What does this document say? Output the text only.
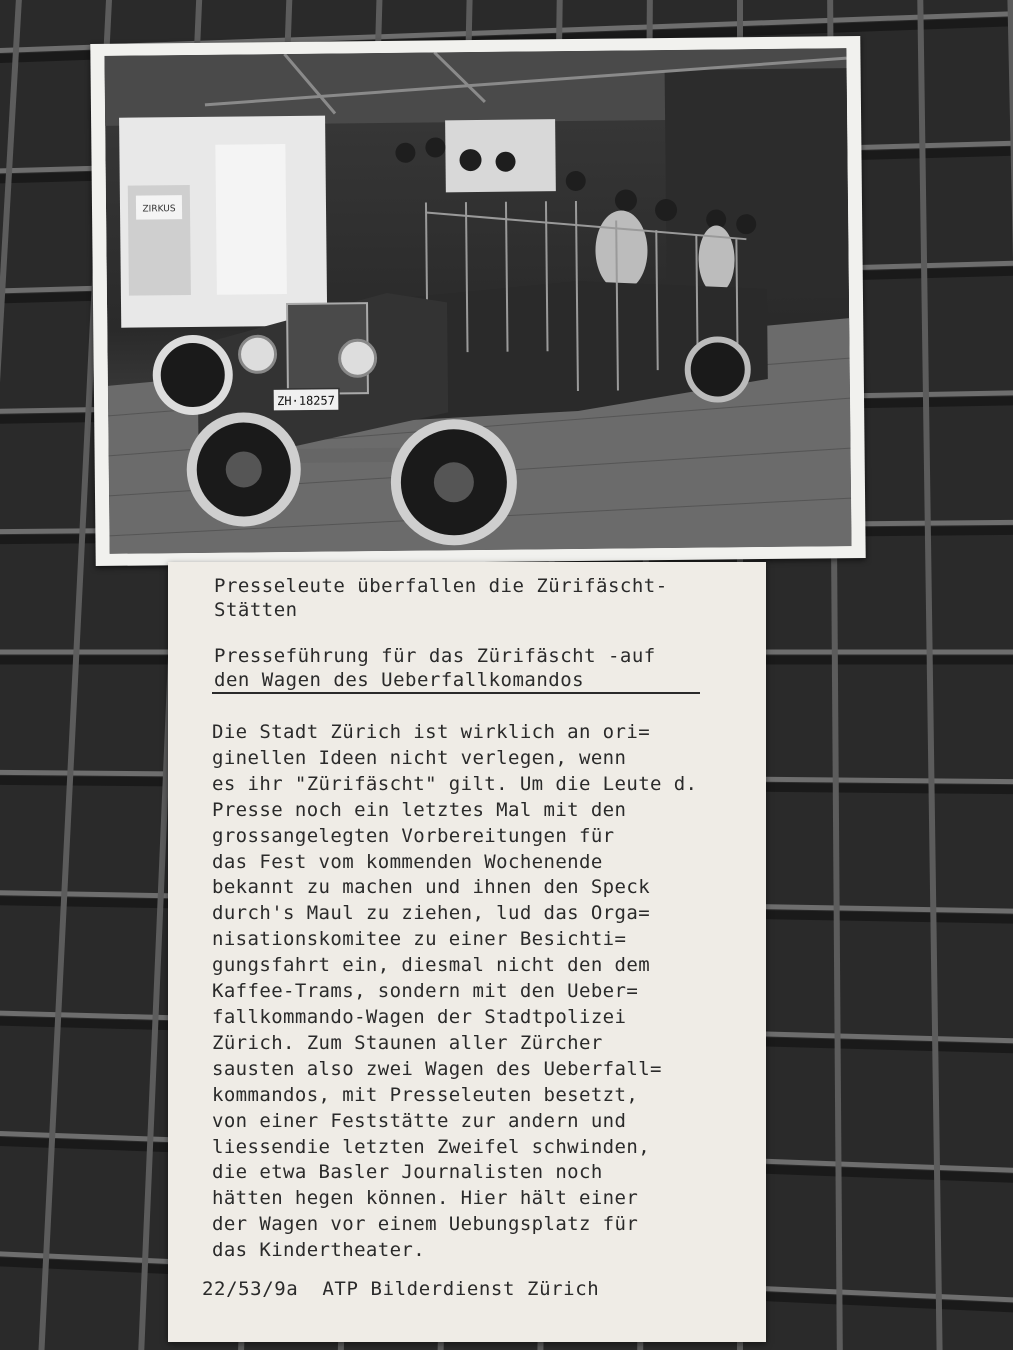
ZIRKUS
ZH·18257
Presseleute überfallen die Zürifäscht-
Stätten
Presseführung für das Zürifäscht -auf
den Wagen des Ueberfallkomandos
Die Stadt Zürich ist wirklich an ori=
ginellen Ideen nicht verlegen, wenn
es ihr "Zürifäscht" gilt. Um die Leute d.
Presse noch ein letztes Mal mit den
grossangelegten Vorbereitungen für
das Fest vom kommenden Wochenende
bekannt zu machen und ihnen den Speck
durch's Maul zu ziehen, lud das Orga=
nisationskomitee zu einer Besichti=
gungsfahrt ein, diesmal nicht den dem
Kaffee-Trams, sondern mit den Ueber=
fallkommando-Wagen der Stadtpolizei
Zürich. Zum Staunen aller Zürcher
sausten also zwei Wagen des Ueberfall=
kommandos, mit Presseleuten besetzt,
von einer Feststätte zur andern und
liessendie letzten Zweifel schwinden,
die etwa Basler Journalisten noch
hätten hegen können. Hier hält einer
der Wagen vor einem Uebungsplatz für
das Kindertheater.
22/53/9a  ATP Bilderdienst Zürich
